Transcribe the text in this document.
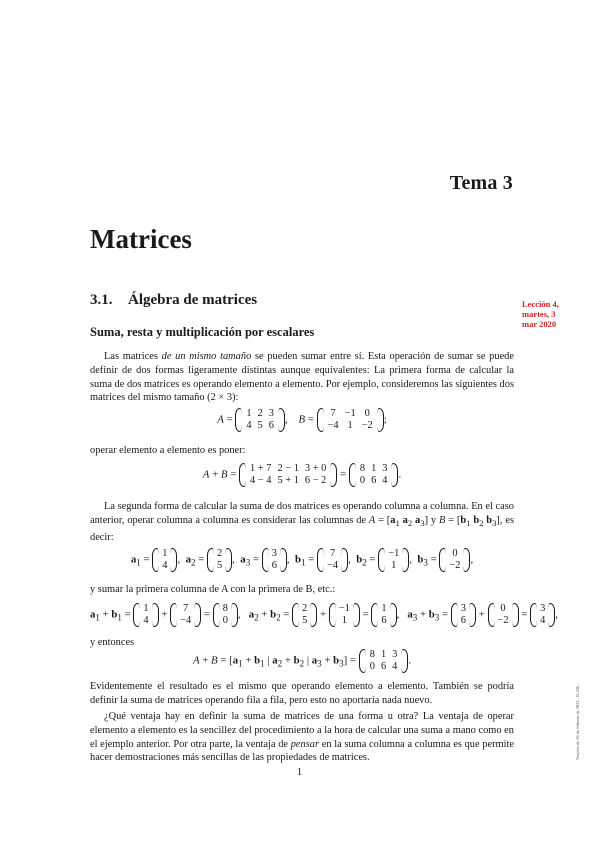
Tema 3
Matrices
3.1. Álgebra de matrices	Lección 4,
martes, 3
mar 2020
Suma, resta y multiplicación por escalares

Las matrices de un mismo tamaño se pueden sumar entre sí. Esta operación de sumar se puede definir de dos formas ligeramente distintas aunque equivalentes: La primera forma de calcular la suma de dos matrices es operando elemento a elemento. Por ejemplo, consideremos las siguientes dos matrices del mismo tamaño (2 × 3):

A = 1	2	3
4	5	6
,    B = 7	−1	0
−4	1	−2
;

operar elemento a elemento es poner:

A + B = 1 + 7	2 − 1	3 + 0
4 − 4	5 + 1	6 − 2
= 8	1	3
0	6	4
.

La segunda forma de calcular la suma de dos matrices es operando columna a columna. En el caso anterior, operar columna a columna es considerar las columnas de $A = [a_1$ $a_2$ $a_3$] y $B = [b_1$ $b_2$ $b_3$], es decir:

$a_1 = 1$
4
,  $a_2 = 2$
5
,  $a_3 = 3$
6
,  $b_1 = 7$
−4
,  $b_2 = -1$
1
,  $b_3 = 0$
−2
,

y sumar la primera columna de A con la primera de B, etc.:

$a_1 + b_1 = 1$
4
+ 7
−4
= 8
0
,   $a_2 + b_2 = 2$
5
+ −1
1
= 1
6
,   $a_3 + b_3 = 3$
6
+ 0
−2
= 3
4
,

y entonces

$A + B = [a_1 + b_1$ | $a_2 + b_2$ | $a_3 + b_3] = 8$	1	3
0	6	4
.

Evidentemente el resultado es el mismo que operando elemento a elemento. También se podría definir la suma de matrices operando fila a fila, pero esto no aportaría nada nuevo.

¿Qué ventaja hay en definir la suma de matrices de una forma u otra? La ventaja de operar elemento a elemento es la sencillez del procedimiento a la hora de calcular una suma a mano como en el ejemplo anterior. Por otra parte, la ventaja de pensar en la suma columna a columna es que permite hacer demostraciones más sencillas de las propiedades de matrices.

1
Versión de 26 de febrero de 2021, 16:23h.
